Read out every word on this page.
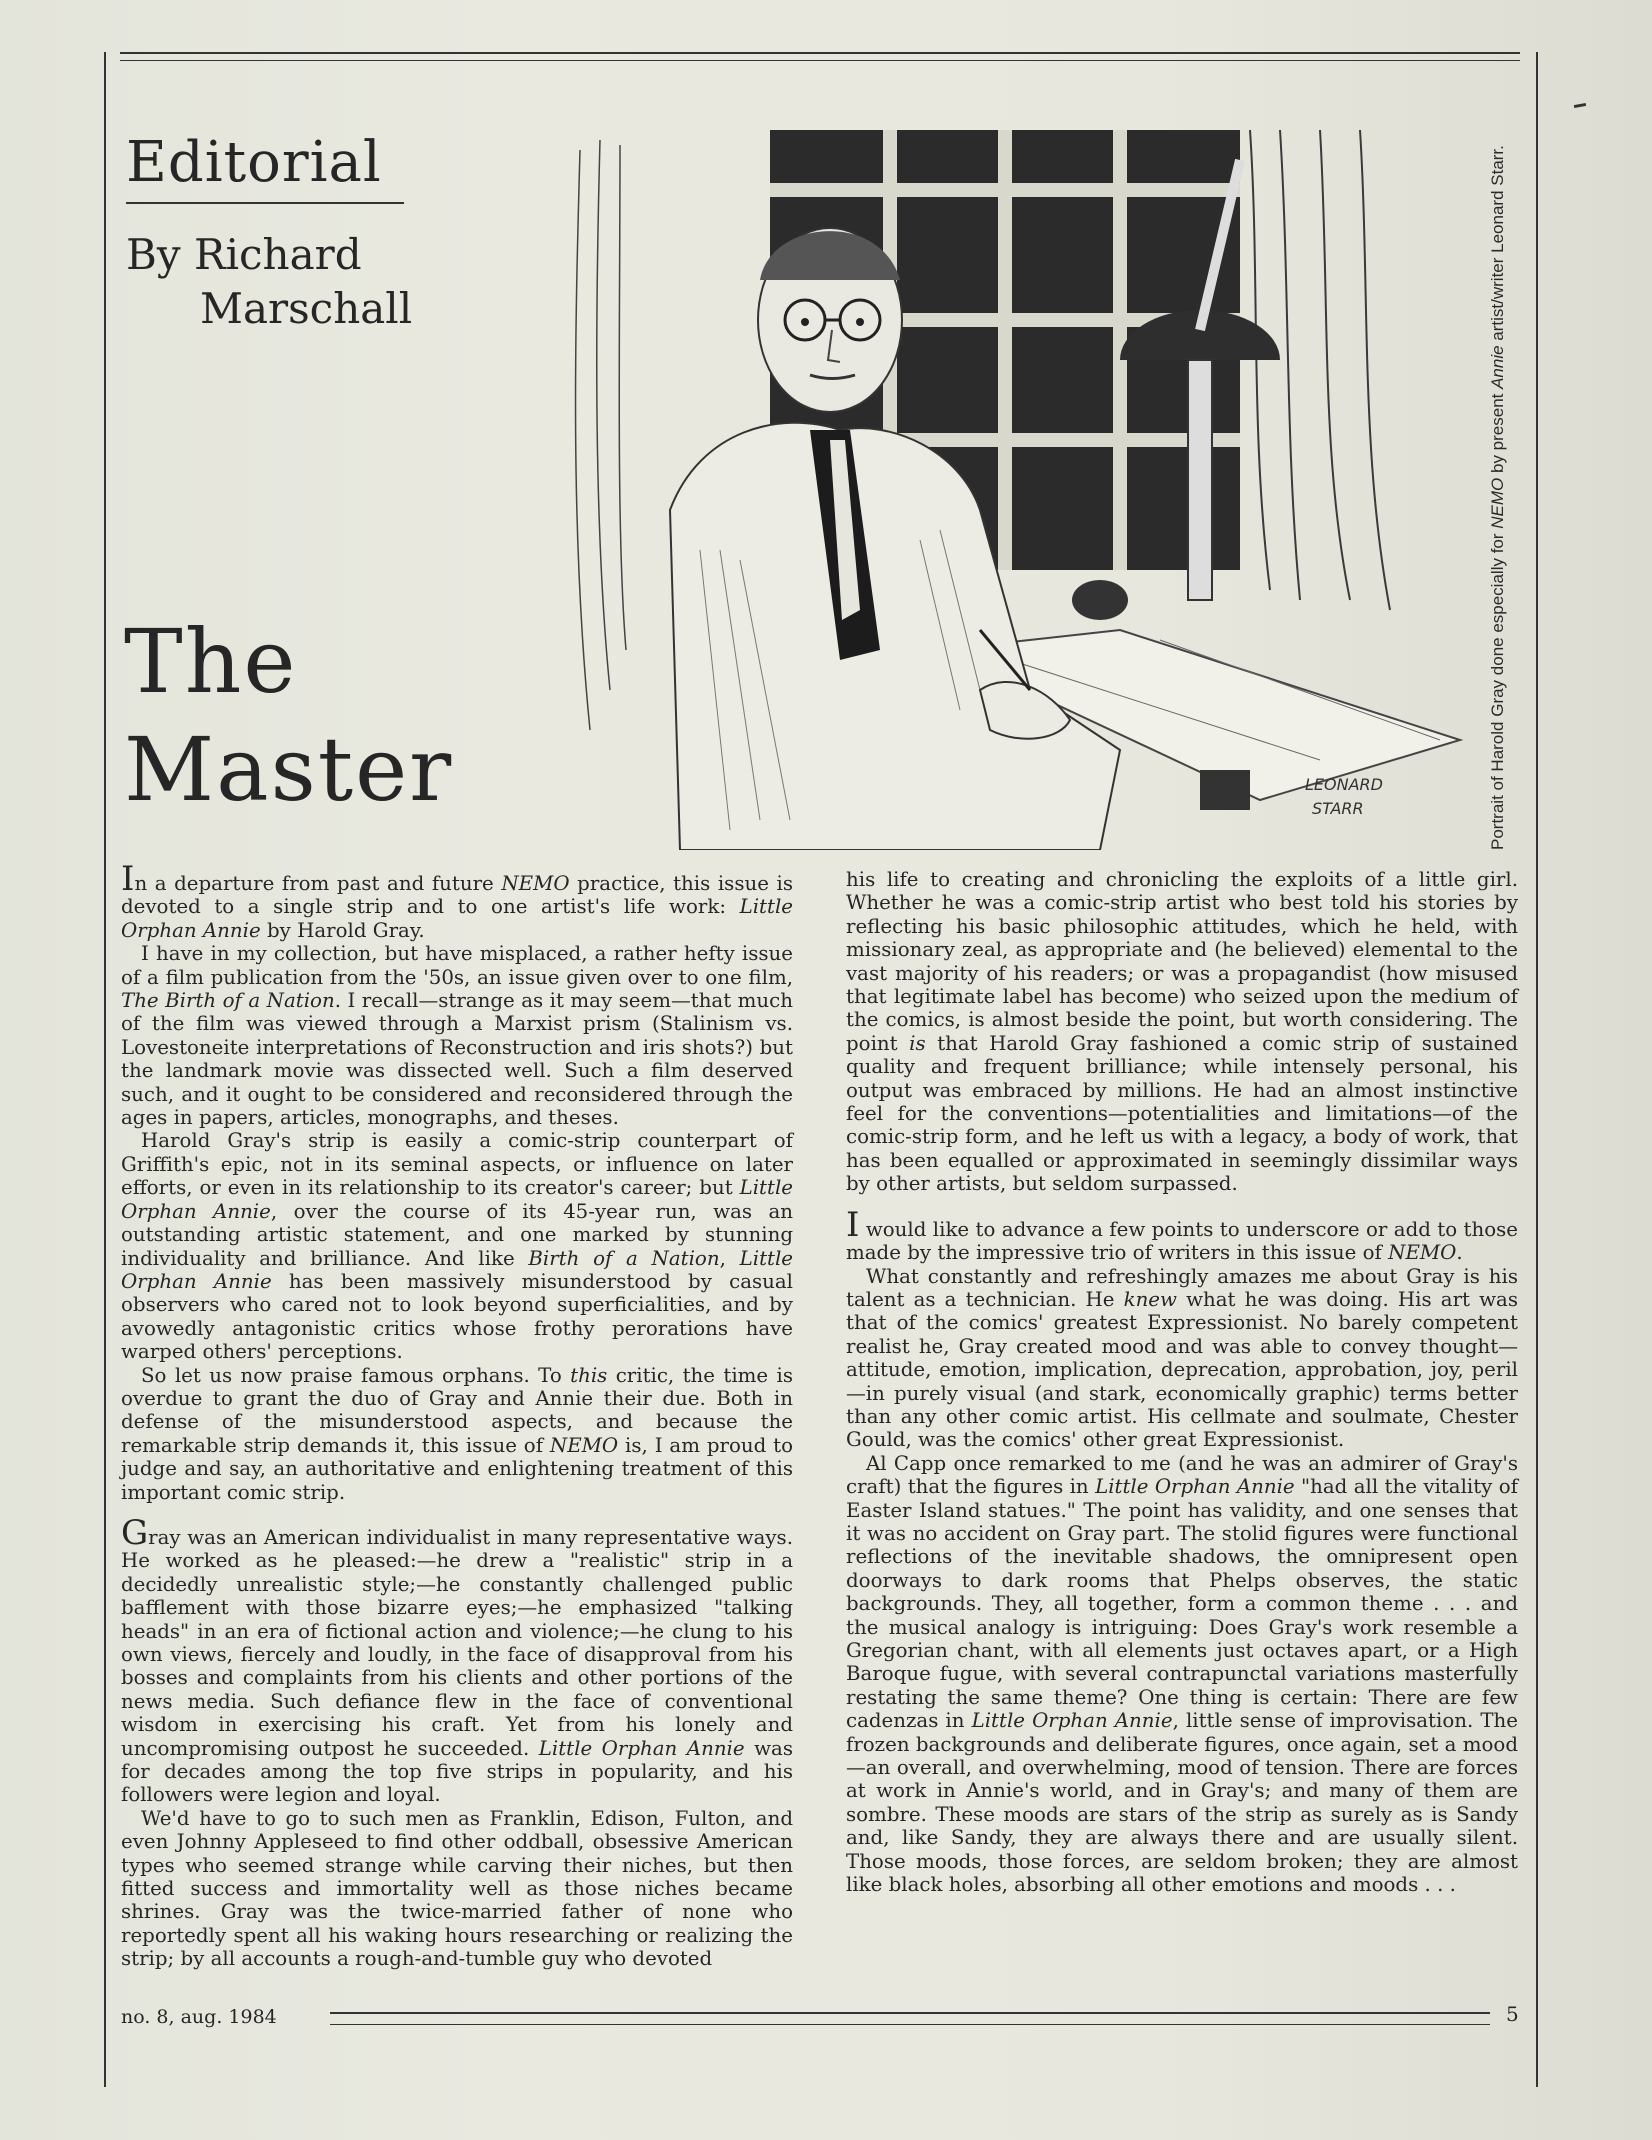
Editorial
By Richard
Marschall
The
Master	LEONARD
STARR	Portrait of Harold Gray done especially for NEMO by present Annie artist/writer Leonard Starr.

In a departure from past and future NEMO practice, this issue is devoted to a single strip and to one artist's life work: Little Orphan Annie by Harold Gray.

I have in my collection, but have misplaced, a rather hefty issue of a film publication from the '50s, an issue given over to one film, The Birth of a Nation. I recall—strange as it may seem—that much of the film was viewed through a Marxist prism (Stalinism vs. Lovestoneite interpretations of Reconstruction and iris shots?) but the landmark movie was dissected well. Such a film deserved such, and it ought to be considered and reconsidered through the ages in papers, articles, monographs, and theses.

Harold Gray's strip is easily a comic-strip counterpart of Griffith's epic, not in its seminal aspects, or influence on later efforts, or even in its relationship to its creator's career; but Little Orphan Annie, over the course of its 45-year run, was an outstanding artistic statement, and one marked by stunning individuality and brilliance. And like Birth of a Nation, Little Orphan Annie has been massively misunderstood by casual observers who cared not to look beyond superficialities, and by avowedly antagonistic critics whose frothy perorations have warped others' perceptions.

So let us now praise famous orphans. To this critic, the time is overdue to grant the duo of Gray and Annie their due. Both in defense of the misunderstood aspects, and because the remarkable strip demands it, this issue of NEMO is, I am proud to judge and say, an authoritative and enlightening treatment of this important comic strip.

Gray was an American individualist in many representative ways. He worked as he pleased:—he drew a "realistic" strip in a decidedly unrealistic style;—he constantly challenged public bafflement with those bizarre eyes;—he emphasized "talking heads" in an era of fictional action and violence;—he clung to his own views, fiercely and loudly, in the face of disapproval from his bosses and complaints from his clients and other portions of the news media. Such defiance flew in the face of conventional wisdom in exercising his craft. Yet from his lonely and uncompromising outpost he succeeded. Little Orphan Annie was for decades among the top five strips in popularity, and his followers were legion and loyal.

We'd have to go to such men as Franklin, Edison, Fulton, and even Johnny Appleseed to find other oddball, obsessive American types who seemed strange while carving their niches, but then fitted success and immortality well as those niches became shrines. Gray was the twice-married father of none who reportedly spent all his waking hours researching or realizing the strip; by all accounts a rough-and-tumble guy who devoted

his life to creating and chronicling the exploits of a little girl. Whether he was a comic-strip artist who best told his stories by reflecting his basic philosophic attitudes, which he held, with missionary zeal, as appropriate and (he believed) elemental to the vast majority of his readers; or was a propagandist (how misused that legitimate label has become) who seized upon the medium of the comics, is almost beside the point, but worth considering. The point is that Harold Gray fashioned a comic strip of sustained quality and frequent brilliance; while intensely personal, his output was embraced by millions. He had an almost instinctive feel for the conventions—potentialities and limitations—of the comic-strip form, and he left us with a legacy, a body of work, that has been equalled or approximated in seemingly dissimilar ways by other artists, but seldom surpassed.

I would like to advance a few points to underscore or add to those made by the impressive trio of writers in this issue of NEMO.

What constantly and refreshingly amazes me about Gray is his talent as a technician. He knew what he was doing. His art was that of the comics' greatest Expressionist. No barely competent realist he, Gray created mood and was able to convey thought—attitude, emotion, implication, deprecation, approbation, joy, peril—in purely visual (and stark, economically graphic) terms better than any other comic artist. His cellmate and soulmate, Chester Gould, was the comics' other great Expressionist.

Al Capp once remarked to me (and he was an admirer of Gray's craft) that the figures in Little Orphan Annie "had all the vitality of Easter Island statues." The point has validity, and one senses that it was no accident on Gray part. The stolid figures were functional reflections of the inevitable shadows, the omnipresent open doorways to dark rooms that Phelps observes, the static backgrounds. They, all together, form a common theme . . . and the musical analogy is intriguing: Does Gray's work resemble a Gregorian chant, with all elements just octaves apart, or a High Baroque fugue, with several contrapunctal variations masterfully restating the same theme? One thing is certain: There are few cadenzas in Little Orphan Annie, little sense of improvisation. The frozen backgrounds and deliberate figures, once again, set a mood—an overall, and overwhelming, mood of tension. There are forces at work in Annie's world, and in Gray's; and many of them are sombre. These moods are stars of the strip as surely as is Sandy and, like Sandy, they are always there and are usually silent. Those moods, those forces, are seldom broken; they are almost like black holes, absorbing all other emotions and moods . . .

no. 8, aug. 1984	5
